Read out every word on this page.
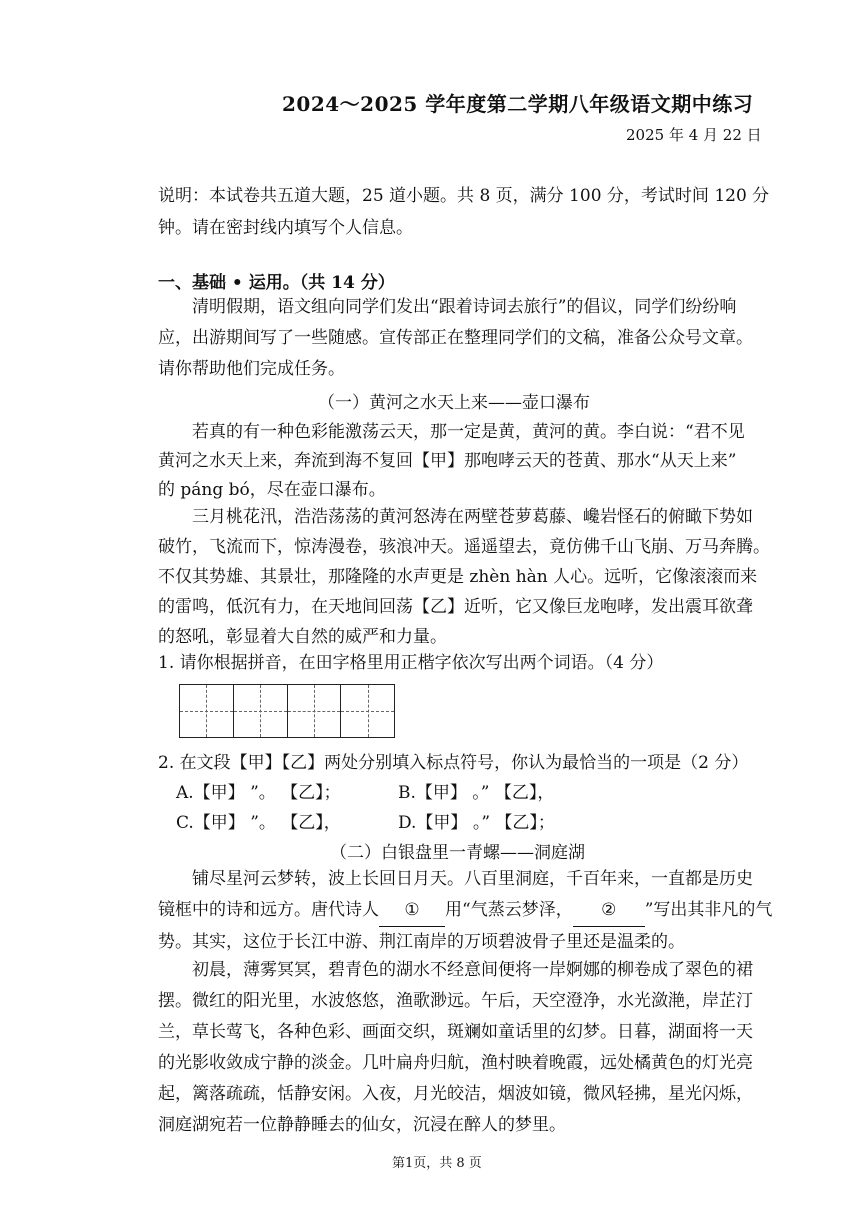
2024～2025 学年度第二学期八年级语文期中练习
2025 年 4 月 22 日
说明：本试卷共五道大题，25 道小题。共 8 页，满分 100 分，考试时间 120 分
钟。请在密封线内填写个人信息。
一、基础 • 运用。（共 14 分）
清明假期，语文组向同学们发出“跟着诗词去旅行”的倡议，同学们纷纷响
应，出游期间写了一些随感。宣传部正在整理同学们的文稿，准备公众号文章。
请你帮助他们完成任务。
（一）黄河之水天上来——壶口瀑布
若真的有一种色彩能激荡云天，那一定是黄，黄河的黄。李白说：“君不见
黄河之水天上来，奔流到海不复回【甲】那咆哮云天的苍黄、那水“从天上来”
的 páng bó，尽在壶口瀑布。
三月桃花汛，浩浩荡荡的黄河怒涛在两壁苍萝葛藤、巉岩怪石的俯瞰下势如
破竹，飞流而下，惊涛漫卷，骇浪冲天。遥遥望去，竟仿佛千山飞崩、万马奔腾。
不仅其势雄、其景壮，那隆隆的水声更是 zhèn hàn 人心。远听，它像滚滚而来
的雷鸣，低沉有力，在天地间回荡【乙】近听，它又像巨龙咆哮，发出震耳欲聋
的怒吼，彰显着大自然的威严和力量。
1. 请你根据拼音，在田字格里用正楷字依次写出两个词语。（4 分）
2. 在文段【甲】【乙】两处分别填入标点符号，你认为最恰当的一项是（2 分）
A.【甲】 ”。 【乙】；	B.【甲】 。” 【乙】，
C.【甲】 ”。 【乙】，	D.【甲】 。” 【乙】；
（二）白银盘里一青螺——洞庭湖
铺尽星河云梦转，波上长回日月天。八百里洞庭，千百年来，一直都是历史
镜框中的诗和远方。唐代诗人 ① 用“气蒸云梦泽， ② ”写出其非凡的气
势。其实，这位于长江中游、荆江南岸的万顷碧波骨子里还是温柔的。
初晨，薄雾冥冥，碧青色的湖水不经意间便将一岸婀娜的柳卷成了翠色的裙
摆。微红的阳光里，水波悠悠，渔歌渺远。午后，天空澄净，水光潋滟，岸芷汀
兰，草长莺飞，各种色彩、画面交织，斑斓如童话里的幻梦。日暮，湖面将一天
的光影收敛成宁静的淡金。几叶扁舟归航，渔村映着晚霞，远处橘黄色的灯光亮
起，篱落疏疏，恬静安闲。入夜，月光皎洁，烟波如镜，微风轻拂，星光闪烁，
洞庭湖宛若一位静静睡去的仙女，沉浸在醉人的梦里。
第1页，共 8 页
